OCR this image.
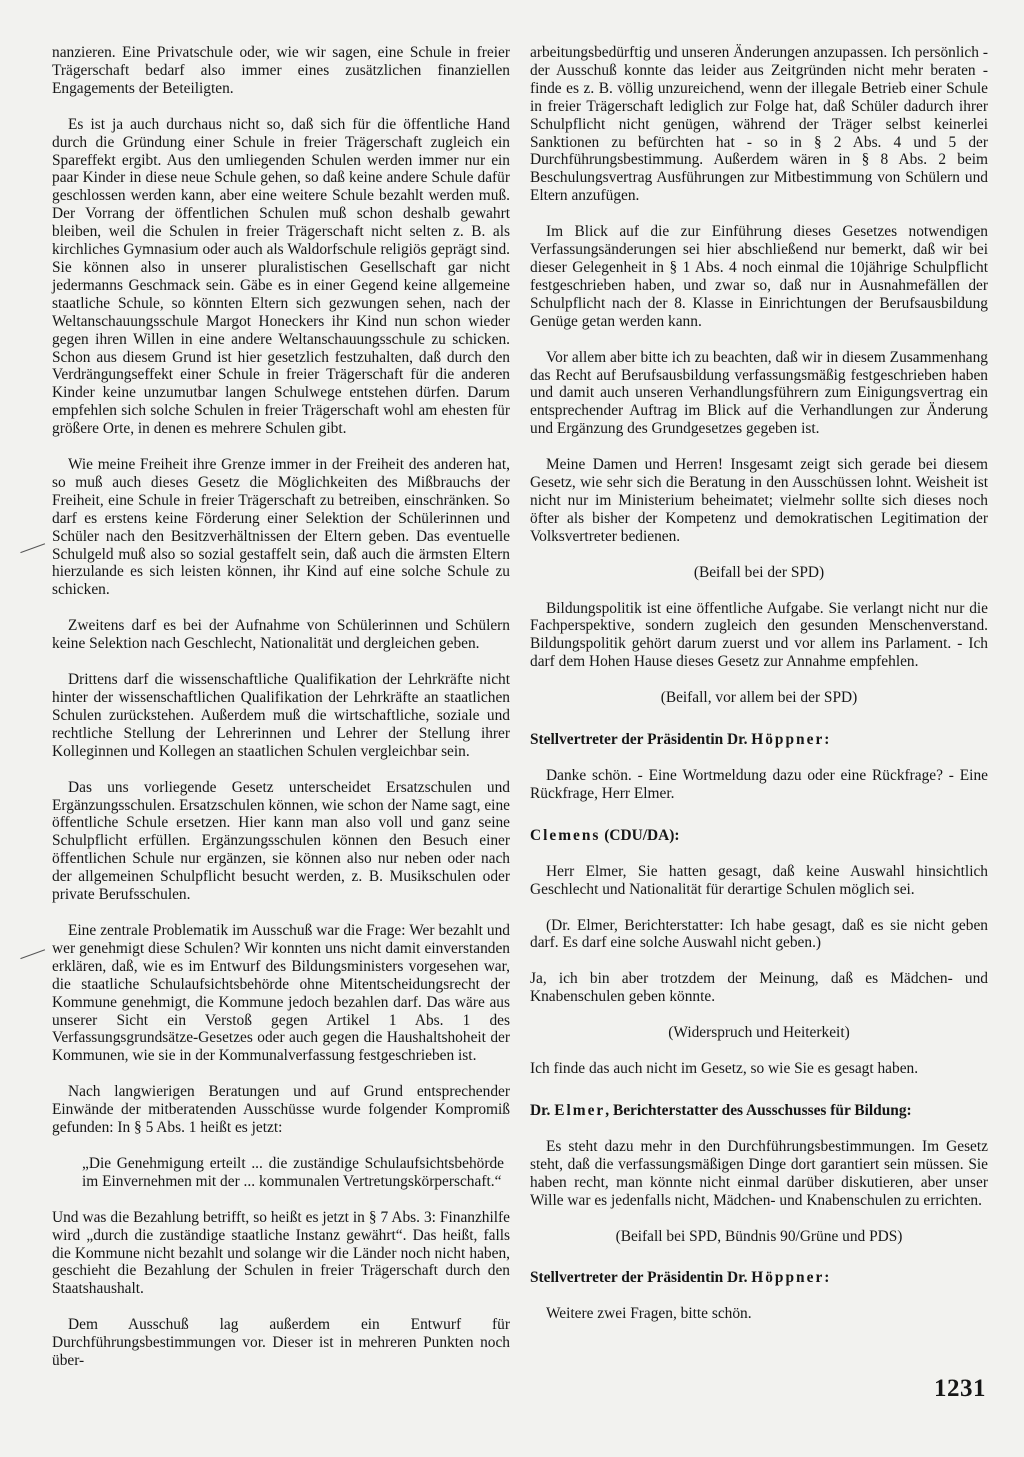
nanzieren. Eine Privatschule oder, wie wir sagen, eine Schule in freier Trägerschaft bedarf also immer eines zusätzlichen finanziellen Engagements der Beteiligten.
Es ist ja auch durchaus nicht so, daß sich für die öffentliche Hand durch die Gründung einer Schule in freier Trägerschaft zugleich ein Spareffekt ergibt. Aus den umliegenden Schulen werden immer nur ein paar Kinder in diese neue Schule gehen, so daß keine andere Schule dafür geschlossen werden kann, aber eine weitere Schule bezahlt werden muß. Der Vorrang der öffentlichen Schulen muß schon deshalb gewahrt bleiben, weil die Schulen in freier Trägerschaft nicht selten z. B. als kirchliches Gymnasium oder auch als Waldorfschule religiös geprägt sind. Sie können also in unserer pluralistischen Gesellschaft gar nicht jedermanns Geschmack sein. Gäbe es in einer Gegend keine allgemeine staatliche Schule, so könnten Eltern sich gezwungen sehen, nach der Weltanschauungsschule Margot Honeckers ihr Kind nun schon wieder gegen ihren Willen in eine andere Weltanschauungsschule zu schicken. Schon aus diesem Grund ist hier gesetzlich festzuhalten, daß durch den Verdrängungseffekt einer Schule in freier Trägerschaft für die anderen Kinder keine unzumutbar langen Schulwege entstehen dürfen. Darum empfehlen sich solche Schulen in freier Trägerschaft wohl am ehesten für größere Orte, in denen es mehrere Schulen gibt.
Wie meine Freiheit ihre Grenze immer in der Freiheit des anderen hat, so muß auch dieses Gesetz die Möglichkeiten des Mißbrauchs der Freiheit, eine Schule in freier Trägerschaft zu betreiben, einschränken. So darf es erstens keine Förderung einer Selektion der Schülerinnen und Schüler nach den Besitzverhältnissen der Eltern geben. Das eventuelle Schulgeld muß also so sozial gestaffelt sein, daß auch die ärmsten Eltern hierzulande es sich leisten können, ihr Kind auf eine solche Schule zu schicken.
Zweitens darf es bei der Aufnahme von Schülerinnen und Schülern keine Selektion nach Geschlecht, Nationalität und dergleichen geben.
Drittens darf die wissenschaftliche Qualifikation der Lehrkräfte nicht hinter der wissenschaftlichen Qualifikation der Lehrkräfte an staatlichen Schulen zurückstehen. Außerdem muß die wirtschaftliche, soziale und rechtliche Stellung der Lehrerinnen und Lehrer der Stellung ihrer Kolleginnen und Kollegen an staatlichen Schulen vergleichbar sein.
Das uns vorliegende Gesetz unterscheidet Ersatzschulen und Ergänzungsschulen. Ersatzschulen können, wie schon der Name sagt, eine öffentliche Schule ersetzen. Hier kann man also voll und ganz seine Schulpflicht erfüllen. Ergänzungsschulen können den Besuch einer öffentlichen Schule nur ergänzen, sie können also nur neben oder nach der allgemeinen Schulpflicht besucht werden, z. B. Musikschulen oder private Berufsschulen.
Eine zentrale Problematik im Ausschuß war die Frage: Wer bezahlt und wer genehmigt diese Schulen? Wir konnten uns nicht damit einverstanden erklären, daß, wie es im Entwurf des Bildungsministers vorgesehen war, die staatliche Schulaufsichtsbehörde ohne Mitentscheidungsrecht der Kommune genehmigt, die Kommune jedoch bezahlen darf. Das wäre aus unserer Sicht ein Verstoß gegen Artikel 1 Abs. 1 des Verfassungsgrundsätze-Gesetzes oder auch gegen die Haushaltshoheit der Kommunen, wie sie in der Kommunalverfassung festgeschrieben ist.
Nach langwierigen Beratungen und auf Grund entsprechender Einwände der mitberatenden Ausschüsse wurde folgender Kompromiß gefunden: In § 5 Abs. 1 heißt es jetzt:
„Die Genehmigung erteilt ... die zuständige Schulaufsichtsbehörde im Einvernehmen mit der ... kommunalen Vertretungskörperschaft.“
Und was die Bezahlung betrifft, so heißt es jetzt in § 7 Abs. 3: Finanzhilfe wird „durch die zuständige staatliche Instanz gewährt“. Das heißt, falls die Kommune nicht bezahlt und solange wir die Länder noch nicht haben, geschieht die Bezahlung der Schulen in freier Trägerschaft durch den Staatshaushalt.
Dem Ausschuß lag außerdem ein Entwurf für Durchführungsbestimmungen vor. Dieser ist in mehreren Punkten noch über-
arbeitungsbedürftig und unseren Änderungen anzupassen. Ich persönlich - der Ausschuß konnte das leider aus Zeitgründen nicht mehr beraten - finde es z. B. völlig unzureichend, wenn der illegale Betrieb einer Schule in freier Trägerschaft lediglich zur Folge hat, daß Schüler dadurch ihrer Schulpflicht nicht genügen, während der Träger selbst keinerlei Sanktionen zu befürchten hat - so in § 2 Abs. 4 und 5 der Durchführungsbestimmung. Außerdem wären in § 8 Abs. 2 beim Beschulungsvertrag Ausführungen zur Mitbestimmung von Schülern und Eltern anzufügen.
Im Blick auf die zur Einführung dieses Gesetzes notwendigen Verfassungsänderungen sei hier abschließend nur bemerkt, daß wir bei dieser Gelegenheit in § 1 Abs. 4 noch einmal die 10jährige Schulpflicht festgeschrieben haben, und zwar so, daß nur in Ausnahmefällen der Schulpflicht nach der 8. Klasse in Einrichtungen der Berufsausbildung Genüge getan werden kann.
Vor allem aber bitte ich zu beachten, daß wir in diesem Zusammenhang das Recht auf Berufsausbildung verfassungsmäßig festgeschrieben haben und damit auch unseren Verhandlungsführern zum Einigungsvertrag ein entsprechender Auftrag im Blick auf die Verhandlungen zur Änderung und Ergänzung des Grundgesetzes gegeben ist.
Meine Damen und Herren! Insgesamt zeigt sich gerade bei diesem Gesetz, wie sehr sich die Beratung in den Ausschüssen lohnt. Weisheit ist nicht nur im Ministerium beheimatet; vielmehr sollte sich dieses noch öfter als bisher der Kompetenz und demokratischen Legitimation der Volksvertreter bedienen.
(Beifall bei der SPD)
Bildungspolitik ist eine öffentliche Aufgabe. Sie verlangt nicht nur die Fachperspektive, sondern zugleich den gesunden Menschenverstand. Bildungspolitik gehört darum zuerst und vor allem ins Parlament. - Ich darf dem Hohen Hause dieses Gesetz zur Annahme empfehlen.
(Beifall, vor allem bei der SPD)
Stellvertreter der Präsidentin Dr. Höppner:
Danke schön. - Eine Wortmeldung dazu oder eine Rückfrage? - Eine Rückfrage, Herr Elmer.
Clemens (CDU/DA):
Herr Elmer, Sie hatten gesagt, daß keine Auswahl hinsichtlich Geschlecht und Nationalität für derartige Schulen möglich sei.
(Dr. Elmer, Berichterstatter: Ich habe gesagt, daß es sie nicht geben darf. Es darf eine solche Auswahl nicht geben.)
Ja, ich bin aber trotzdem der Meinung, daß es Mädchen- und Knabenschulen geben könnte.
(Widerspruch und Heiterkeit)
Ich finde das auch nicht im Gesetz, so wie Sie es gesagt haben.
Dr. Elmer, Berichterstatter des Ausschusses für Bildung:
Es steht dazu mehr in den Durchführungsbestimmungen. Im Gesetz steht, daß die verfassungsmäßigen Dinge dort garantiert sein müssen. Sie haben recht, man könnte nicht einmal darüber diskutieren, aber unser Wille war es jedenfalls nicht, Mädchen- und Knabenschulen zu errichten.
(Beifall bei SPD, Bündnis 90/Grüne und PDS)
Stellvertreter der Präsidentin Dr. Höppner:
Weitere zwei Fragen, bitte schön.
1231
